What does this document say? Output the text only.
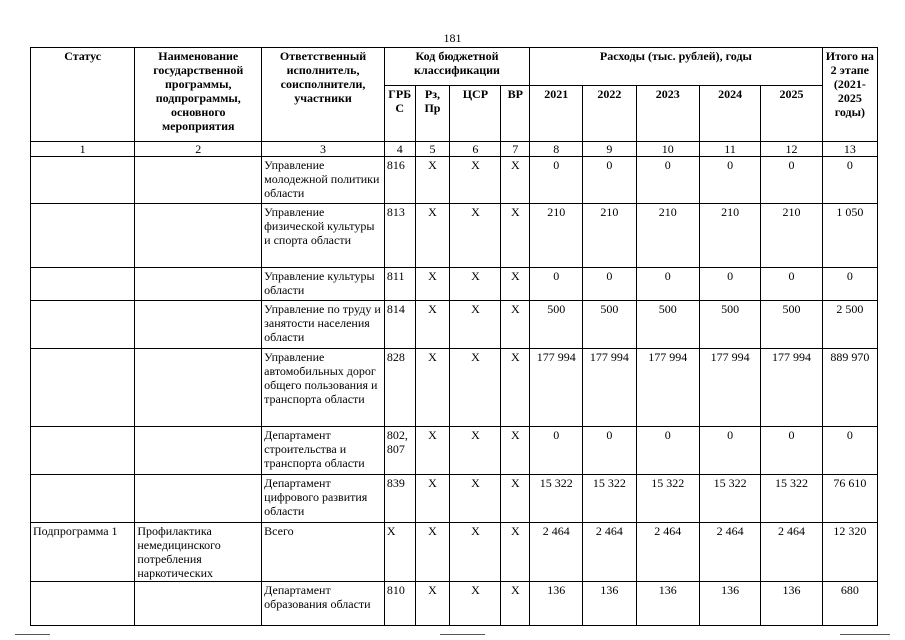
181
Статус	Наименование государственной программы, подпрограммы, основного мероприятия	Ответственный исполнитель, соисполнители, участники	Код бюджетной классификации				Расходы (тыс. рублей), годы					Итого на 2 этапе (2021-2025 годы)
			ГРБ С	Рз, Пр	ЦСР	ВР	2021	2022	2023	2024	2025	
1	2	3	4	5	6	7	8	9	10	11	12	13
		Управление молодежной политики области	816	Х	Х	Х	0	0	0	0	0	0
		Управление физической культуры и спорта области	813	Х	Х	Х	210	210	210	210	210	1 050
		Управление культуры области	811	Х	Х	Х	0	0	0	0	0	0
		Управление по труду и занятости населения области	814	Х	Х	Х	500	500	500	500	500	2 500
		Управление автомобильных дорог общего пользования и транспорта области	828	Х	Х	Х	177 994	177 994	177 994	177 994	177 994	889 970
		Департамент строительства и транспорта области	802, 807	Х	Х	Х	0	0	0	0	0	0
		Департамент цифрового развития области	839	Х	Х	Х	15 322	15 322	15 322	15 322	15 322	76 610
Подпрограмма 1	Профилактика немедицинского потребления наркотических	Всего	Х	Х	Х	Х	2 464	2 464	2 464	2 464	2 464	12 320
		Департамент образования области	810	Х	Х	Х	136	136	136	136	136	680
